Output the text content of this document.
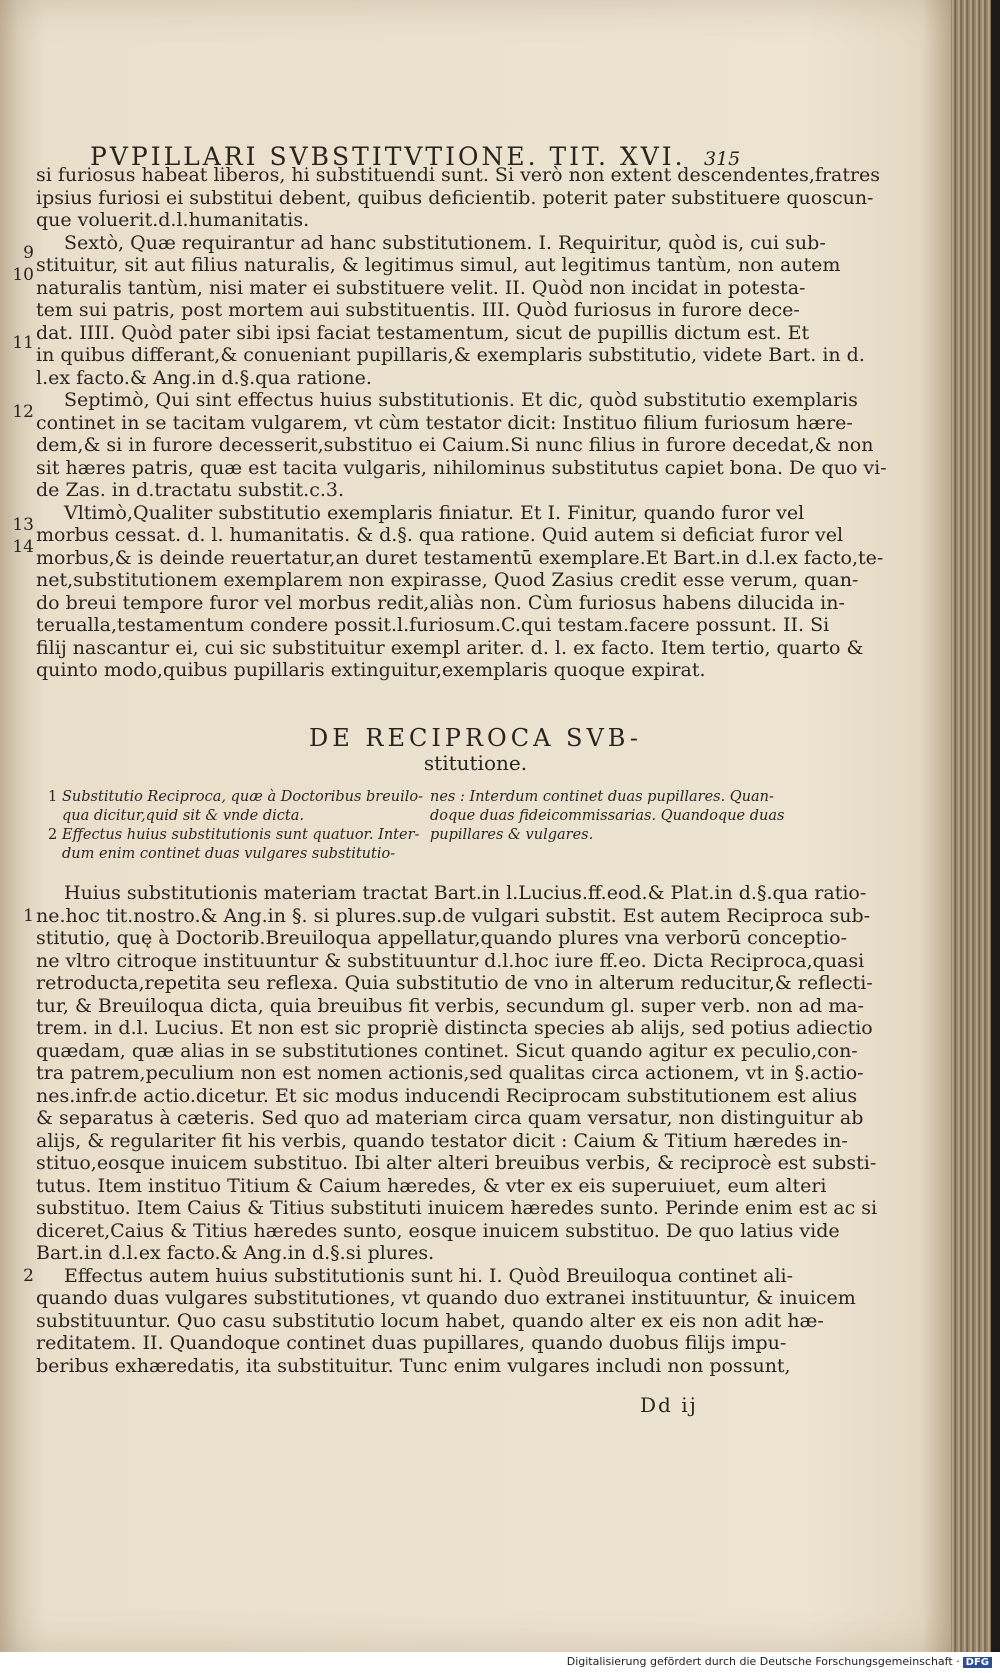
PVPILLARI SVBSTITVTIONE. TIT. XVI. 315
si furiosus habeat liberos, hi substituendi sunt. Si verò non extent descendentes,fratres
ipsius furiosi ei substitui debent, quibus deficientib. poterit pater substituere quoscun-
que voluerit.d.l.humanitatis.
Sextò, Quæ requirantur ad hanc substitutionem. I. Requiritur, quòd is, cui sub-
stituitur, sit aut filius naturalis, & legitimus simul, aut legitimus tantùm, non autem
naturalis tantùm, nisi mater ei substituere velit. II. Quòd non incidat in potesta-
tem sui patris, post mortem aui substituentis. III. Quòd furiosus in furore dece-
dat. IIII. Quòd pater sibi ipsi faciat testamentum, sicut de pupillis dictum est. Et
in quibus differant,& conueniant pupillaris,& exemplaris substitutio, videte Bart. in d.
l.ex facto.& Ang.in d.§.qua ratione.
Septimò, Qui sint effectus huius substitutionis. Et dic, quòd substitutio exemplaris
continet in se tacitam vulgarem, vt cùm testator dicit: Instituo filium furiosum hære-
dem,& si in furore decesserit,substituo ei Caium.Si nunc filius in furore decedat,& non
sit hæres patris, quæ est tacita vulgaris, nihilominus substitutus capiet bona. De quo vi-
de Zas. in d.tractatu substit.c.3.
Vltimò,Qualiter substitutio exemplaris finiatur. Et I. Finitur, quando furor vel
morbus cessat. d. l. humanitatis. & d.§. qua ratione. Quid autem si deficiat furor vel
morbus,& is deinde reuertatur,an duret testamentū exemplare.Et Bart.in d.l.ex facto,te-
net,substitutionem exemplarem non expirasse, Quod Zasius credit esse verum, quan-
do breui tempore furor vel morbus redit,aliàs non. Cùm furiosus habens dilucida in-
terualla,testamentum condere possit.l.furiosum.C.qui testam.facere possunt. II. Si
filij nascantur ei, cui sic substituitur exempl ariter. d. l. ex facto. Item tertio, quarto &
quinto modo,quibus pupillaris extinguitur,exemplaris quoque expirat.
9
10
11
12
13
14
DE RECIPROCA SVB-
stitutione.
1 Substitutio Reciproca, quæ à Doctoribus breuilo-
qua dicitur,quid sit & vnde dicta.
2 Effectus huius substitutionis sunt quatuor. Inter-
dum enim continet duas vulgares substitutio-
nes : Interdum continet duas pupillares. Quan-
doque duas fideicommissarias. Quandoque duas
pupillares & vulgares.
Huius substitutionis materiam tractat Bart.in l.Lucius.ff.eod.& Plat.in d.§.qua ratio-
ne.hoc tit.nostro.& Ang.in §. si plures.sup.de vulgari substit. Est autem Reciproca sub-
stitutio, quę à Doctorib.Breuiloqua appellatur,quando plures vna verborū conceptio-
ne vltro citroque instituuntur & substituuntur d.l.hoc iure ff.eo. Dicta Reciproca,quasi
retroducta,repetita seu reflexa. Quia substitutio de vno in alterum reducitur,& reflecti-
tur, & Breuiloqua dicta, quia breuibus fit verbis, secundum gl. super verb. non ad ma-
trem. in d.l. Lucius. Et non est sic propriè distincta species ab alijs, sed potius adiectio
quædam, quæ alias in se substitutiones continet. Sicut quando agitur ex peculio,con-
tra patrem,peculium non est nomen actionis,sed qualitas circa actionem, vt in §.actio-
nes.infr.de actio.dicetur. Et sic modus inducendi Reciprocam substitutionem est alius
& separatus à cæteris. Sed quo ad materiam circa quam versatur, non distinguitur ab
alijs, & regulariter fit his verbis, quando testator dicit : Caium & Titium hæredes in-
stituo,eosque inuicem substituo. Ibi alter alteri breuibus verbis, & reciprocè est substi-
tutus. Item instituo Titium & Caium hæredes, & vter ex eis superuiuet, eum alteri
substituo. Item Caius & Titius substituti inuicem hæredes sunto. Perinde enim est ac si
diceret,Caius & Titius hæredes sunto, eosque inuicem substituo. De quo latius vide
Bart.in d.l.ex facto.& Ang.in d.§.si plures.
Effectus autem huius substitutionis sunt hi. I. Quòd Breuiloqua continet ali-
quando duas vulgares substitutiones, vt quando duo extranei instituuntur, & inuicem
substituuntur. Quo casu substitutio locum habet, quando alter ex eis non adit hæ-
reditatem. II. Quandoque continet duas pupillares, quando duobus filijs impu-
beribus exhæredatis, ita substituitur. Tunc enim vulgares includi non possunt,
1
2
Dd ij
Digitalisierung gefördert durch die Deutsche Forschungsgemeinschaft · DFG
